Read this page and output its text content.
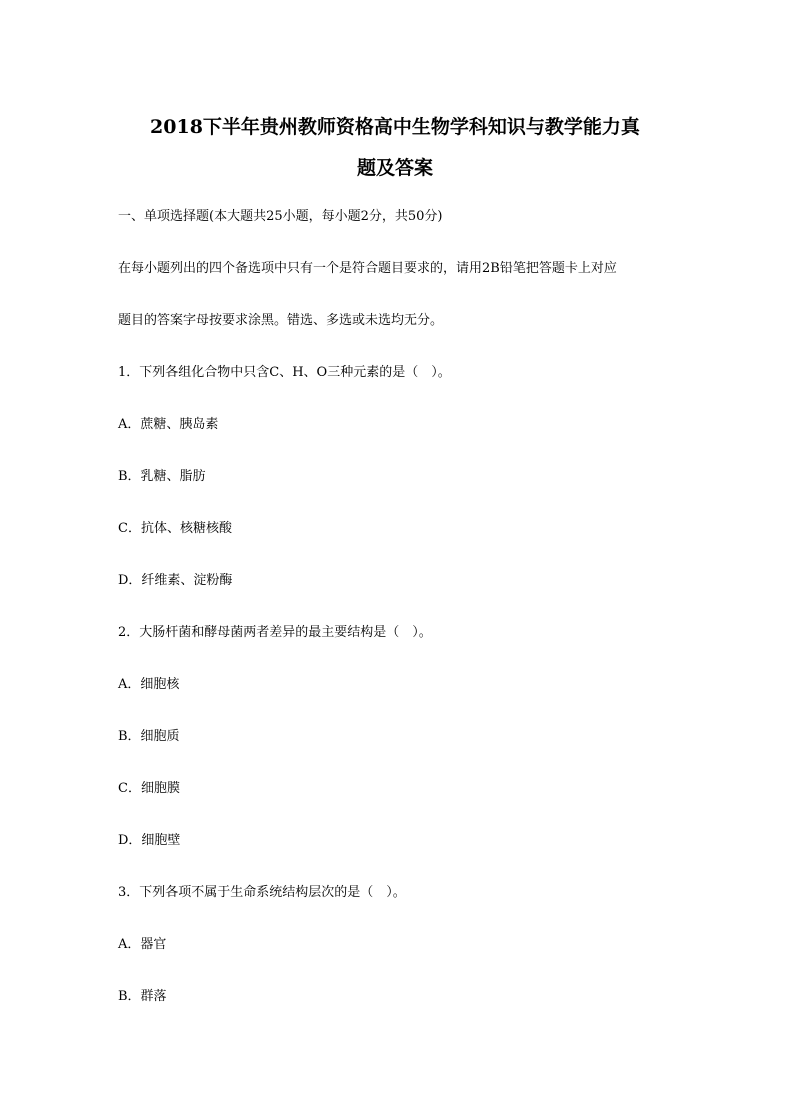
2018下半年贵州教师资格高中生物学科知识与教学能力真
题及答案
一、单项选择题(本大题共25小题，每小题2分，共50分)
在每小题列出的四个备选项中只有一个是符合题目要求的，请用2B铅笔把答题卡上对应
题目的答案字母按要求涂黑。错选、多选或未选均无分。
1．下列各组化合物中只含C、H、O三种元素的是（　）。
A．蔗糖、胰岛素
B．乳糖、脂肪
C．抗体、核糖核酸
D．纤维素、淀粉酶
2．大肠杆菌和酵母菌两者差异的最主要结构是（　）。
A．细胞核
B．细胞质
C．细胞膜
D．细胞壁
3．下列各项不属于生命系统结构层次的是（　）。
A．器官
B．群落
